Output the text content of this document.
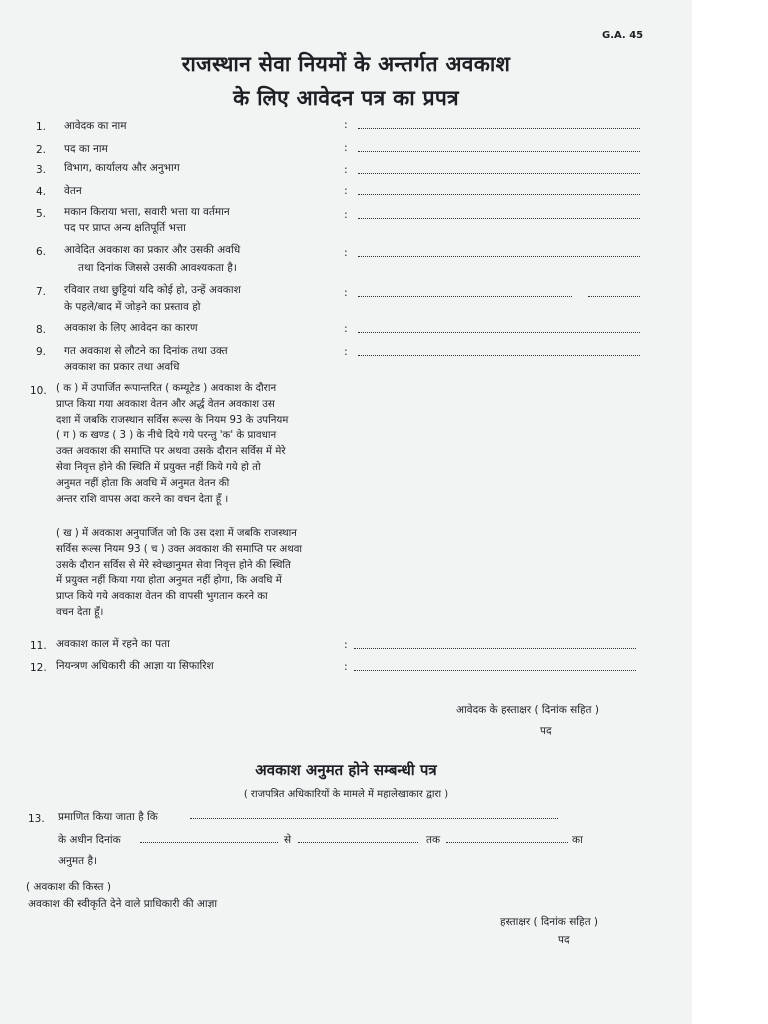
G.A. 45
राजस्थान सेवा नियमों के अन्तर्गत अवकाश
के लिए आवेदन पत्र का प्रपत्र
1. आवेदक का नाम	:
2. पद का नाम	:
3. विभाग, कार्यालय और अनुभाग	:
4. वेतन	:
5. मकान किराया भत्ता, सवारी भत्ता या वर्तमान
पद पर प्राप्त अन्य क्षतिपूर्ति भत्ता
:
6. आवेदित अवकाश का प्रकार और उसकी अवधि
तथा दिनांक जिससे उसकी आवश्यकता है।
:
7. रविवार तथा छुट्टियां यदि कोई हो, उन्हें अवकाश
के पहले/बाद में जोड़ने का प्रस्ताव हो
:
8. अवकाश के लिए आवेदन का कारण	:
9. गत अवकाश से लौटने का दिनांक तथा उक्त
अवकाश का प्रकार तथा अवधि
:
10. ( क ) में उपार्जित रूपान्तरित ( कम्यूटेड ) अवकाश के दौरान
प्राप्त किया गया अवकाश वेतन और अर्द्ध वेतन अवकाश उस
दशा में जबकि राजस्थान सर्विस रूल्स के नियम 93 के उपनियम
( ग ) क खण्ड ( 3 ) के नीचे दिये गये परन्तु 'क' के प्रावधान
उक्त अवकाश की समाप्ति पर अथवा उसके दौरान सर्विस में मेरे
सेवा निवृत्त होने की स्थिति में प्रयुक्त नहीं किये गये हो तो
अनुमत नहीं होता कि अवधि में अनुमत वेतन की
अन्तर राशि वापस अदा करने का वचन देता हूँ ।
( ख ) में अवकाश अनुपार्जित जो कि उस दशा में जबकि राजस्थान
सर्विस रूल्स नियम 93 ( च ) उक्त अवकाश की समाप्ति पर अथवा
उसके दौरान सर्विस से मेरे स्वेच्छानुमत सेवा निवृत्त होने की स्थिति
में प्रयुक्त नहीं किया गया होता अनुमत नहीं होगा, कि अवधि में
प्राप्त किये गये अवकाश वेतन की वापसी भुगतान करने का
वचन देता हूँ।
11. अवकाश काल में रहने का पता	:
12. नियन्त्रण अधिकारी की आज्ञा या सिफारिश	:
आवेदक के हस्ताक्षर ( दिनांक सहित )
पद
अवकाश अनुमत होने सम्बन्धी पत्र
( राजपत्रित अधिकारियों के मामले में महालेखाकार द्वारा )
13. प्रमाणित किया जाता है कि
के अधीन दिनांक	से	तक	का
अनुमत है।
( अवकाश की किस्त )
अवकाश की स्वीकृति देने वाले प्राधिकारी की आज्ञा
हस्ताक्षर ( दिनांक सहित )
पद
